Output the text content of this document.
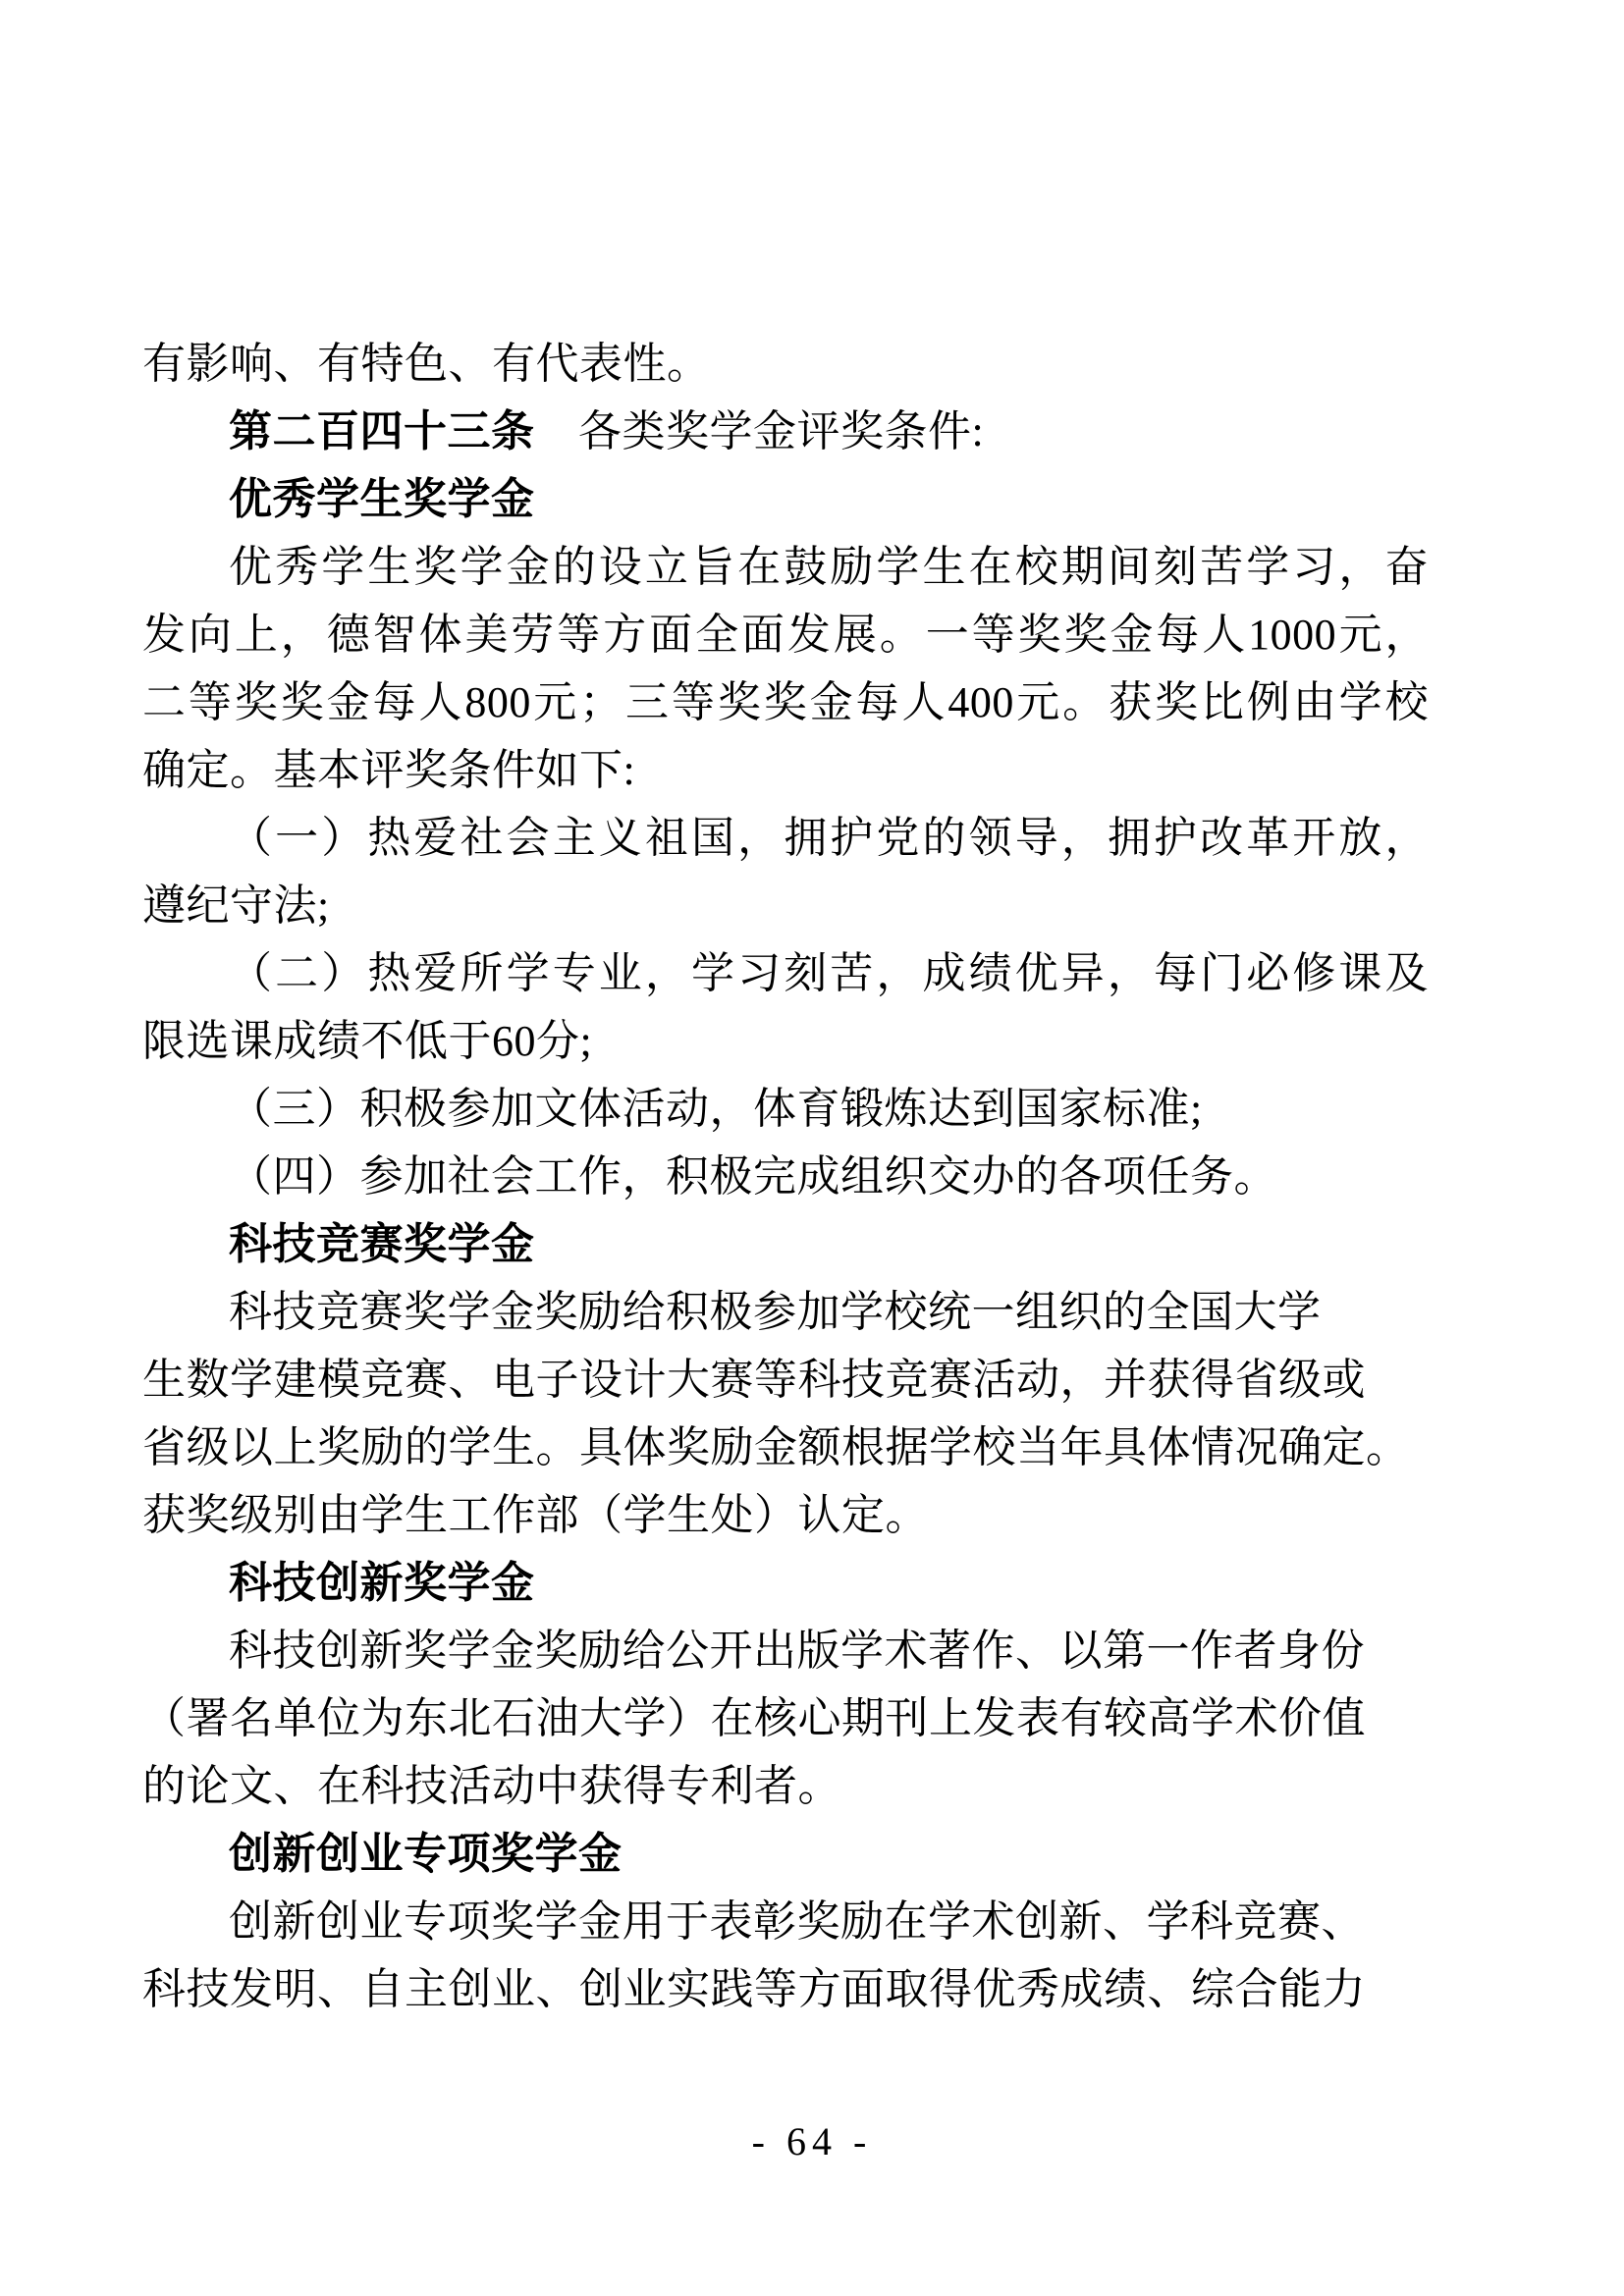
有影响、有特色、有代表性。
第二百四十三条　各类奖学金评奖条件:
优秀学生奖学金
优秀学生奖学金的设立旨在鼓励学生在校期间刻苦学习，奋
发向上，德智体美劳等方面全面发展。一等奖奖金每人1000元，
二等奖奖金每人800元；三等奖奖金每人400元。获奖比例由学校
确定。基本评奖条件如下:
（一）热爱社会主义祖国，拥护党的领导，拥护改革开放，
遵纪守法;
（二）热爱所学专业，学习刻苦，成绩优异，每门必修课及
限选课成绩不低于60分;
（三）积极参加文体活动，体育锻炼达到国家标准;
（四）参加社会工作，积极完成组织交办的各项任务。
科技竞赛奖学金
科技竞赛奖学金奖励给积极参加学校统一组织的全国大学
生数学建模竞赛、电子设计大赛等科技竞赛活动，并获得省级或
省级以上奖励的学生。具体奖励金额根据学校当年具体情况确定。
获奖级别由学生工作部（学生处）认定。
科技创新奖学金
科技创新奖学金奖励给公开出版学术著作、以第一作者身份
（署名单位为东北石油大学）在核心期刊上发表有较高学术价值
的论文、在科技活动中获得专利者。
创新创业专项奖学金
创新创业专项奖学金用于表彰奖励在学术创新、学科竞赛、
科技发明、自主创业、创业实践等方面取得优秀成绩、综合能力
- 64 -
